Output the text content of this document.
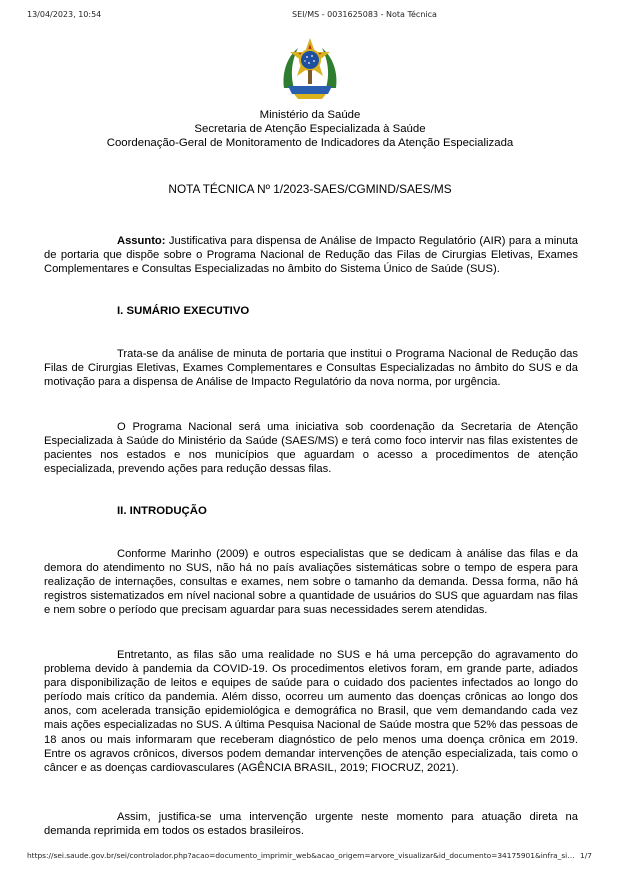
13/04/2023, 10:54	SEI/MS - 0031625083 - Nota Técnica
Ministério da Saúde
Secretaria de Atenção Especializada à Saúde
Coordenação-Geral de Monitoramento de Indicadores da Atenção Especializada
NOTA TÉCNICA Nº 1/2023-SAES/CGMIND/SAES/MS
Assunto: Justificativa para dispensa de Análise de Impacto Regulatório (AIR) para a minuta de portaria que dispõe sobre o Programa Nacional de Redução das Filas de Cirurgias Eletivas, Exames Complementares e Consultas Especializadas no âmbito do Sistema Único de Saúde (SUS).
I. SUMÁRIO EXECUTIVO
Trata-se da análise de minuta de portaria que institui o Programa Nacional de Redução das Filas de Cirurgias Eletivas, Exames Complementares e Consultas Especializadas no âmbito do SUS e da motivação para a dispensa de Análise de Impacto Regulatório da nova norma, por urgência.
O Programa Nacional será uma iniciativa sob coordenação da Secretaria de Atenção Especializada à Saúde do Ministério da Saúde (SAES/MS) e terá como foco intervir nas filas existentes de pacientes nos estados e nos municípios que aguardam o acesso a procedimentos de atenção especializada, prevendo ações para redução dessas filas.
II. INTRODUÇÃO
Conforme Marinho (2009) e outros especialistas que se dedicam à análise das filas e da demora do atendimento no SUS, não há no país avaliações sistemáticas sobre o tempo de espera para realização de internações, consultas e exames, nem sobre o tamanho da demanda. Dessa forma, não há registros sistematizados em nível nacional sobre a quantidade de usuários do SUS que aguardam nas filas e nem sobre o período que precisam aguardar para suas necessidades serem atendidas.
Entretanto, as filas são uma realidade no SUS e há uma percepção do agravamento do problema devido à pandemia da COVID-19. Os procedimentos eletivos foram, em grande parte, adiados para disponibilização de leitos e equipes de saúde para o cuidado dos pacientes infectados ao longo do período mais crítico da pandemia. Além disso, ocorreu um aumento das doenças crônicas ao longo dos anos, com acelerada transição epidemiológica e demográfica no Brasil, que vem demandando cada vez mais ações especializadas no SUS. A última Pesquisa Nacional de Saúde mostra que 52% das pessoas de 18 anos ou mais informaram que receberam diagnóstico de pelo menos uma doença crônica em 2019. Entre os agravos crônicos, diversos podem demandar intervenções de atenção especializada, tais como o câncer e as doenças cardiovasculares (AGÊNCIA BRASIL, 2019; FIOCRUZ, 2021).
Assim, justifica-se uma intervenção urgente neste momento para atuação direta na demanda reprimida em todos os estados brasileiros.
https://sei.saude.gov.br/sei/controlador.php?acao=documento_imprimir_web&acao_origem=arvore_visualizar&id_documento=34175901&infra_si… 1/7
